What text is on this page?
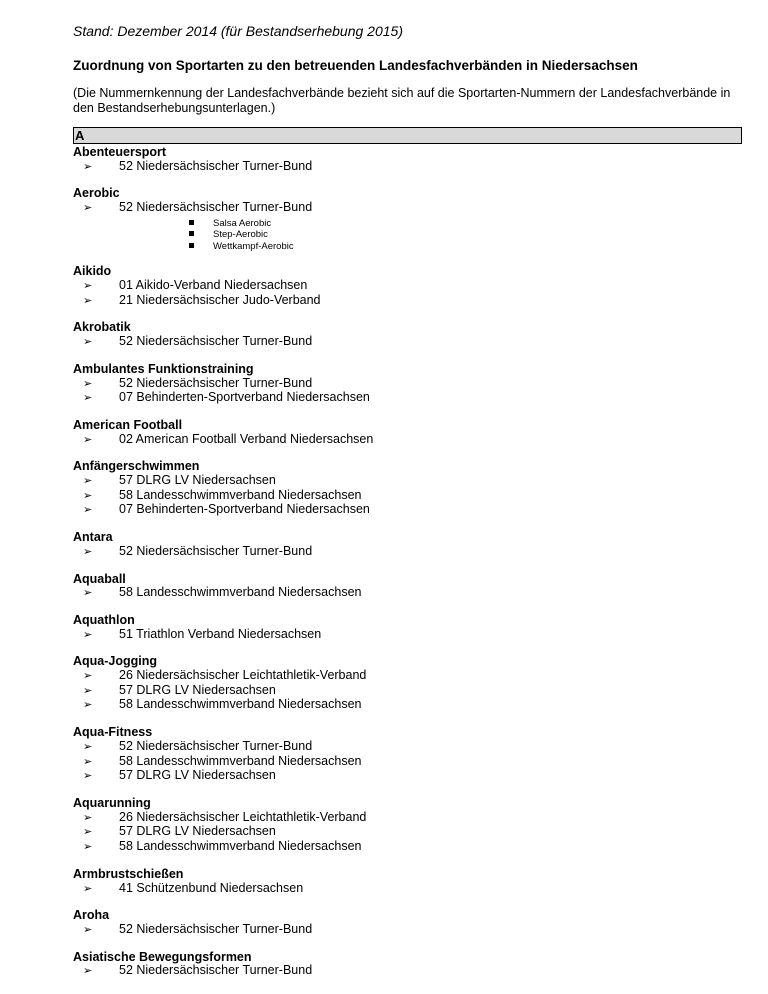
Stand: Dezember 2014 (für Bestandserhebung 2015)

Zuordnung von Sportarten zu den betreuenden Landesfachverbänden in Niedersachsen

(Die Nummernkennung der Landesfachverbände bezieht sich auf die Sportarten-Nummern der Landesfachverbände in den Bestandserhebungsunterlagen.)

A
Abenteuersport
➢ 52 Niedersächsischer Turner-Bund
Aerobic
➢ 52 Niedersächsischer Turner-Bund
Salsa Aerobic
Step-Aerobic
Wettkampf-Aerobic
Aikido
➢ 01 Aikido-Verband Niedersachsen
➢ 21 Niedersächsischer Judo-Verband
Akrobatik
➢ 52 Niedersächsischer Turner-Bund
Ambulantes Funktionstraining
➢ 52 Niedersächsischer Turner-Bund
➢ 07 Behinderten-Sportverband Niedersachsen
American Football
➢ 02 American Football Verband Niedersachsen
Anfängerschwimmen
➢ 57 DLRG LV Niedersachsen
➢ 58 Landesschwimmverband Niedersachsen
➢ 07 Behinderten-Sportverband Niedersachsen
Antara
➢ 52 Niedersächsischer Turner-Bund
Aquaball
➢ 58 Landesschwimmverband Niedersachsen
Aquathlon
➢ 51 Triathlon Verband Niedersachsen
Aqua-Jogging
➢ 26 Niedersächsischer Leichtathletik-Verband
➢ 57 DLRG LV Niedersachsen
➢ 58 Landesschwimmverband Niedersachsen
Aqua-Fitness
➢ 52 Niedersächsischer Turner-Bund
➢ 58 Landesschwimmverband Niedersachsen
➢ 57 DLRG LV Niedersachsen
Aquarunning
➢ 26 Niedersächsischer Leichtathletik-Verband
➢ 57 DLRG LV Niedersachsen
➢ 58 Landesschwimmverband Niedersachsen
Armbrustschießen
➢ 41 Schützenbund Niedersachsen
Aroha
➢ 52 Niedersächsischer Turner-Bund
Asiatische Bewegungsformen
➢ 52 Niedersächsischer Turner-Bund
